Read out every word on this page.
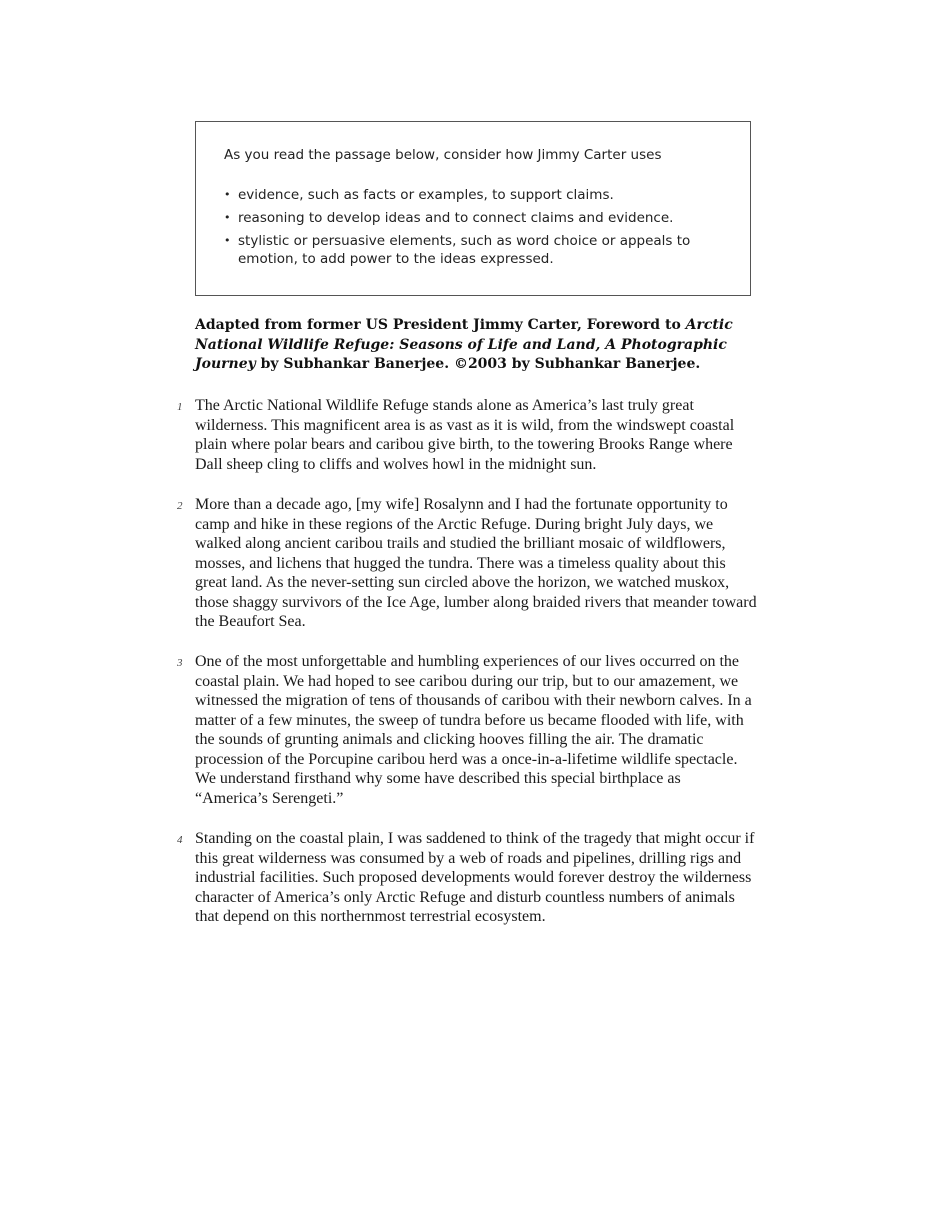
As you read the passage below, consider how Jimmy Carter uses

• evidence, such as facts or examples, to support claims.
• reasoning to develop ideas and to connect claims and evidence.
• stylistic or persuasive elements, such as word choice or appeals to emotion, to add power to the ideas expressed.
Adapted from former US President Jimmy Carter, Foreword to Arctic National Wildlife Refuge: Seasons of Life and Land, A Photographic Journey by Subhankar Banerjee. ©2003 by Subhankar Banerjee.
1 The Arctic National Wildlife Refuge stands alone as America’s last truly great wilderness. This magnificent area is as vast as it is wild, from the windswept coastal plain where polar bears and caribou give birth, to the towering Brooks Range where Dall sheep cling to cliffs and wolves howl in the midnight sun.

2 More than a decade ago, [my wife] Rosalynn and I had the fortunate opportunity to camp and hike in these regions of the Arctic Refuge. During bright July days, we walked along ancient caribou trails and studied the brilliant mosaic of wildflowers, mosses, and lichens that hugged the tundra. There was a timeless quality about this great land. As the never-setting sun circled above the horizon, we watched muskox, those shaggy survivors of the Ice Age, lumber along braided rivers that meander toward the Beaufort Sea.

3 One of the most unforgettable and humbling experiences of our lives occurred on the coastal plain. We had hoped to see caribou during our trip, but to our amazement, we witnessed the migration of tens of thousands of caribou with their newborn calves. In a matter of a few minutes, the sweep of tundra before us became flooded with life, with the sounds of grunting animals and clicking hooves filling the air. The dramatic procession of the Porcupine caribou herd was a once-in-a-lifetime wildlife spectacle. We understand firsthand why some have described this special birthplace as “America’s Serengeti.”

4 Standing on the coastal plain, I was saddened to think of the tragedy that might occur if this great wilderness was consumed by a web of roads and pipelines, drilling rigs and industrial facilities. Such proposed developments would forever destroy the wilderness character of America’s only Arctic Refuge and disturb countless numbers of animals that depend on this northernmost terrestrial ecosystem.
